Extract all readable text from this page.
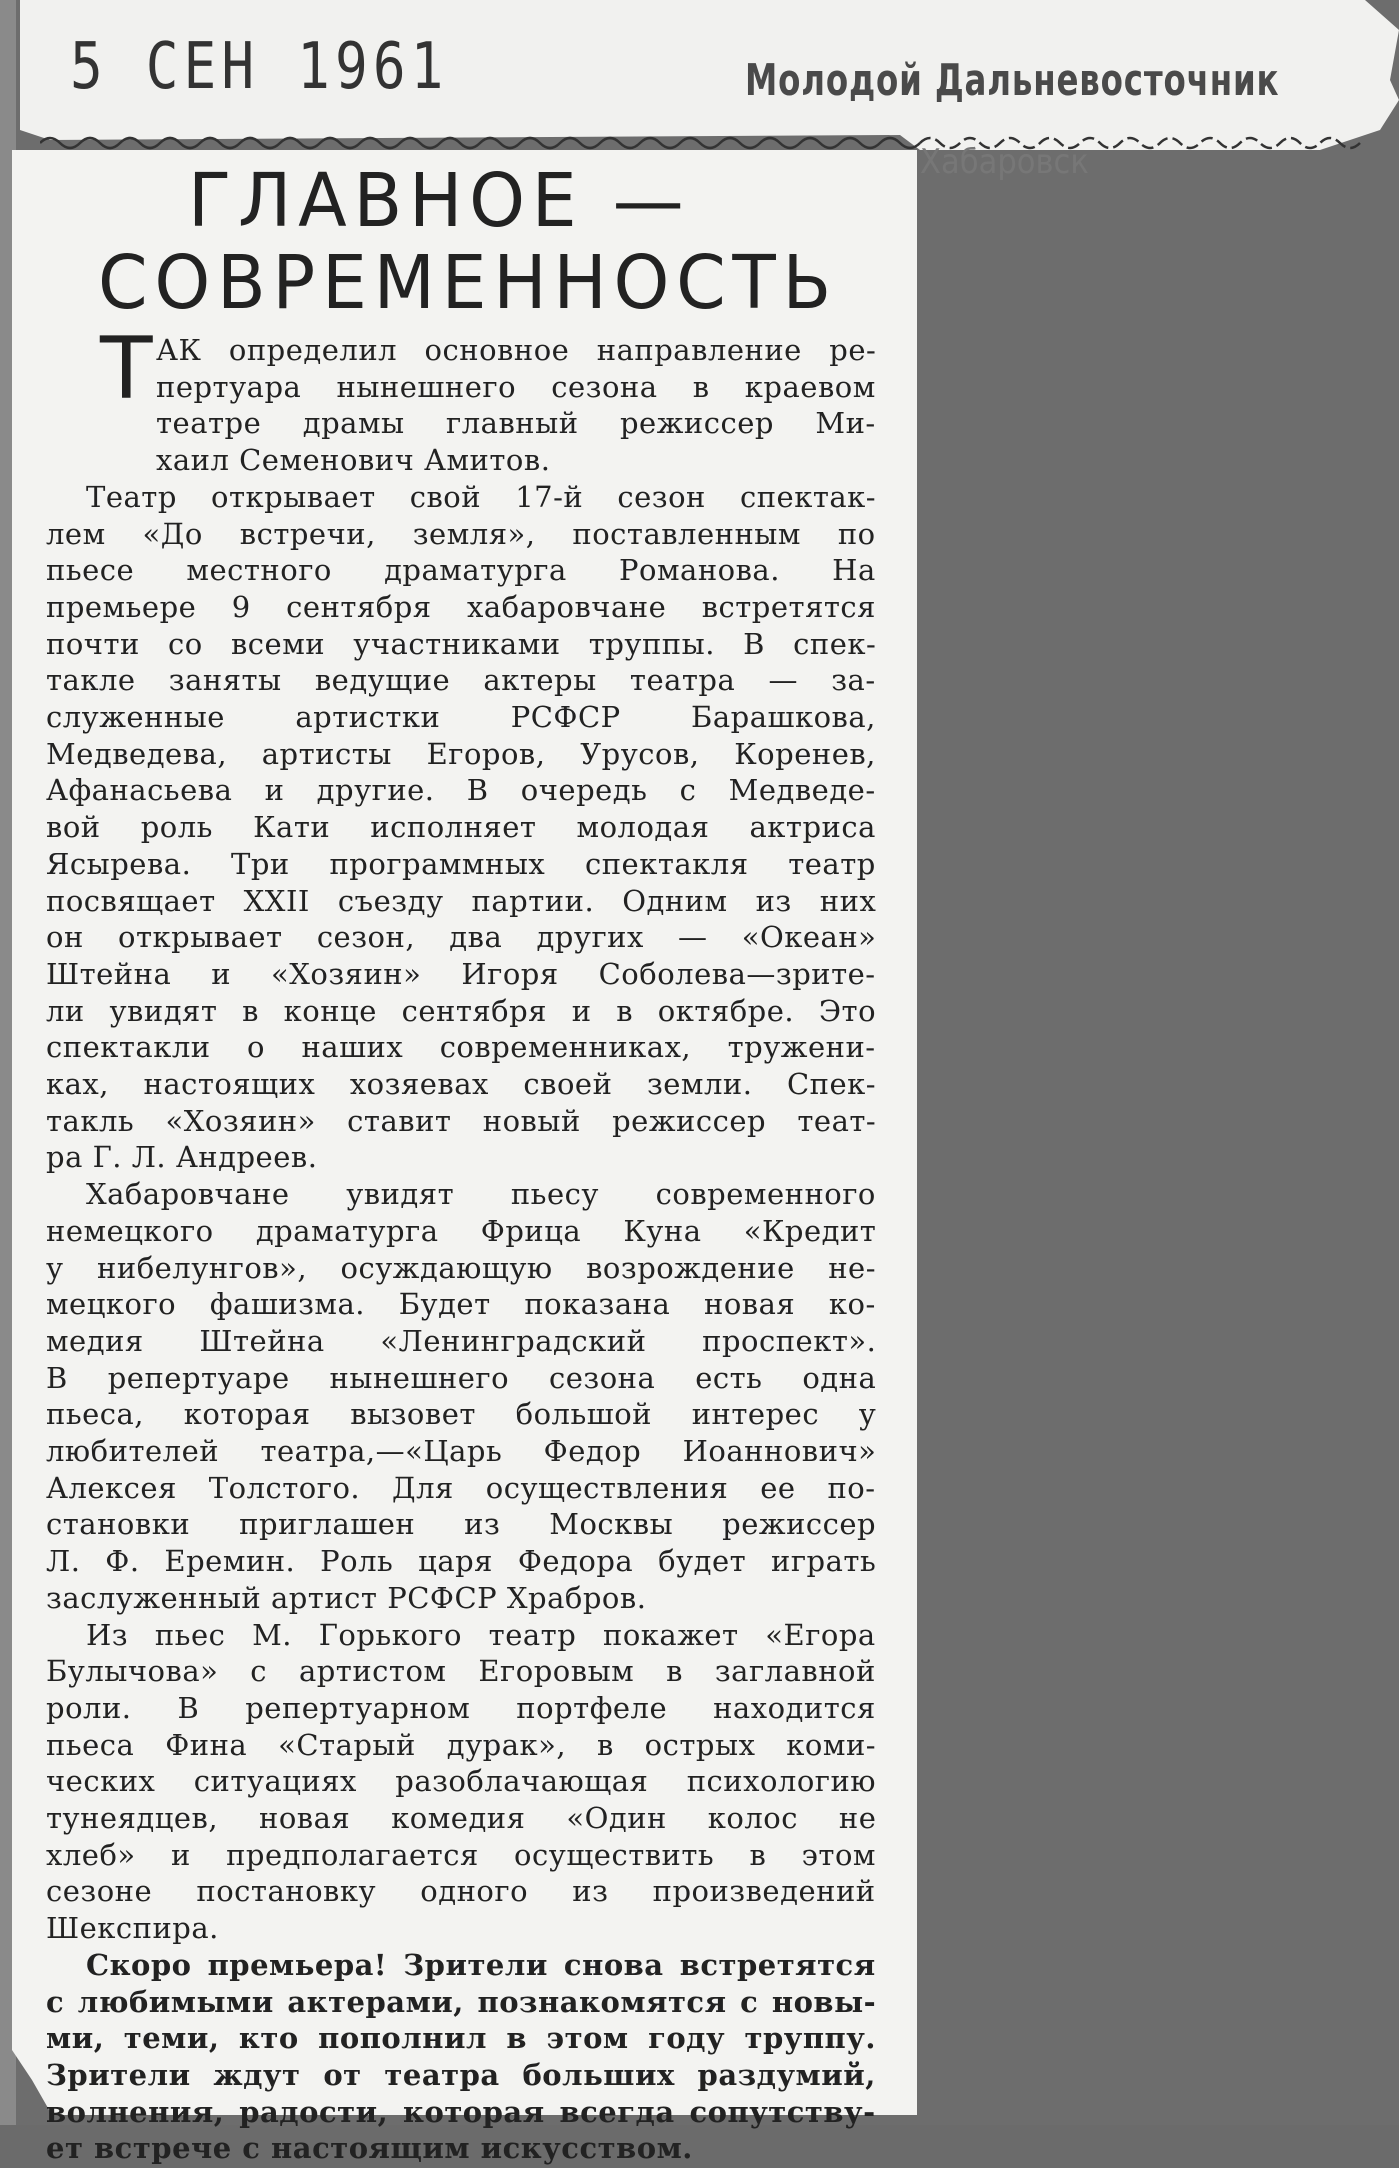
5 СЕН 1961	Молодой Дальневосточник
Хабаровск
ГЛАВНОЕ —
СОВРЕМЕННОСТЬ
Т АК определил основное направление ре-
пертуара нынешнего сезона в краевом
театре драмы главный режиссер Ми-
хаил Семенович Амитов.
Театр открывает свой 17-й сезон спектак-
лем «До встречи, земля», поставленным по
пьесе местного драматурга Романова. На
премьере 9 сентября хабаровчане встретятся
почти со всеми участниками труппы. В спек-
такле заняты ведущие актеры театра — за-
служенные артистки РСФСР Барашкова,
Медведева, артисты Егоров, Урусов, Коренев,
Афанасьева и другие. В очередь с Медведе-
вой роль Кати исполняет молодая актриса
Ясырева. Три программных спектакля театр
посвящает XXII съезду партии. Одним из них
он открывает сезон, два других — «Океан»
Штейна и «Хозяин» Игоря Соболева—зрите-
ли увидят в конце сентября и в октябре. Это
спектакли о наших современниках, тружени-
ках, настоящих хозяевах своей земли. Спек-
такль «Хозяин» ставит новый режиссер теат-
ра Г. Л. Андреев.
Хабаровчане увидят пьесу современного
немецкого драматурга Фрица Куна «Кредит
у нибелунгов», осуждающую возрождение не-
мецкого фашизма. Будет показана новая ко-
медия Штейна «Ленинградский проспект».
В репертуаре нынешнего сезона есть одна
пьеса, которая вызовет большой интерес у
любителей театра,—«Царь Федор Иоаннович»
Алексея Толстого. Для осуществления ее по-
становки приглашен из Москвы режиссер
Л. Ф. Еремин. Роль царя Федора будет играть
заслуженный артист РСФСР Храбров.
Из пьес М. Горького театр покажет «Егора
Булычова» с артистом Егоровым в заглавной
роли. В репертуарном портфеле находится
пьеса Фина «Старый дурак», в острых коми-
ческих ситуациях разоблачающая психологию
тунеядцев, новая комедия «Один колос не
хлеб» и предполагается осуществить в этом
сезоне постановку одного из произведений
Шекспира.
Скоро премьера! Зрители снова встретятся
с любимыми актерами, познакомятся с новы-
ми, теми, кто пополнил в этом году труппу.
Зрители ждут от театра больших раздумий,
волнения, радости, которая всегда сопутству-
ет встрече с настоящим искусством.
